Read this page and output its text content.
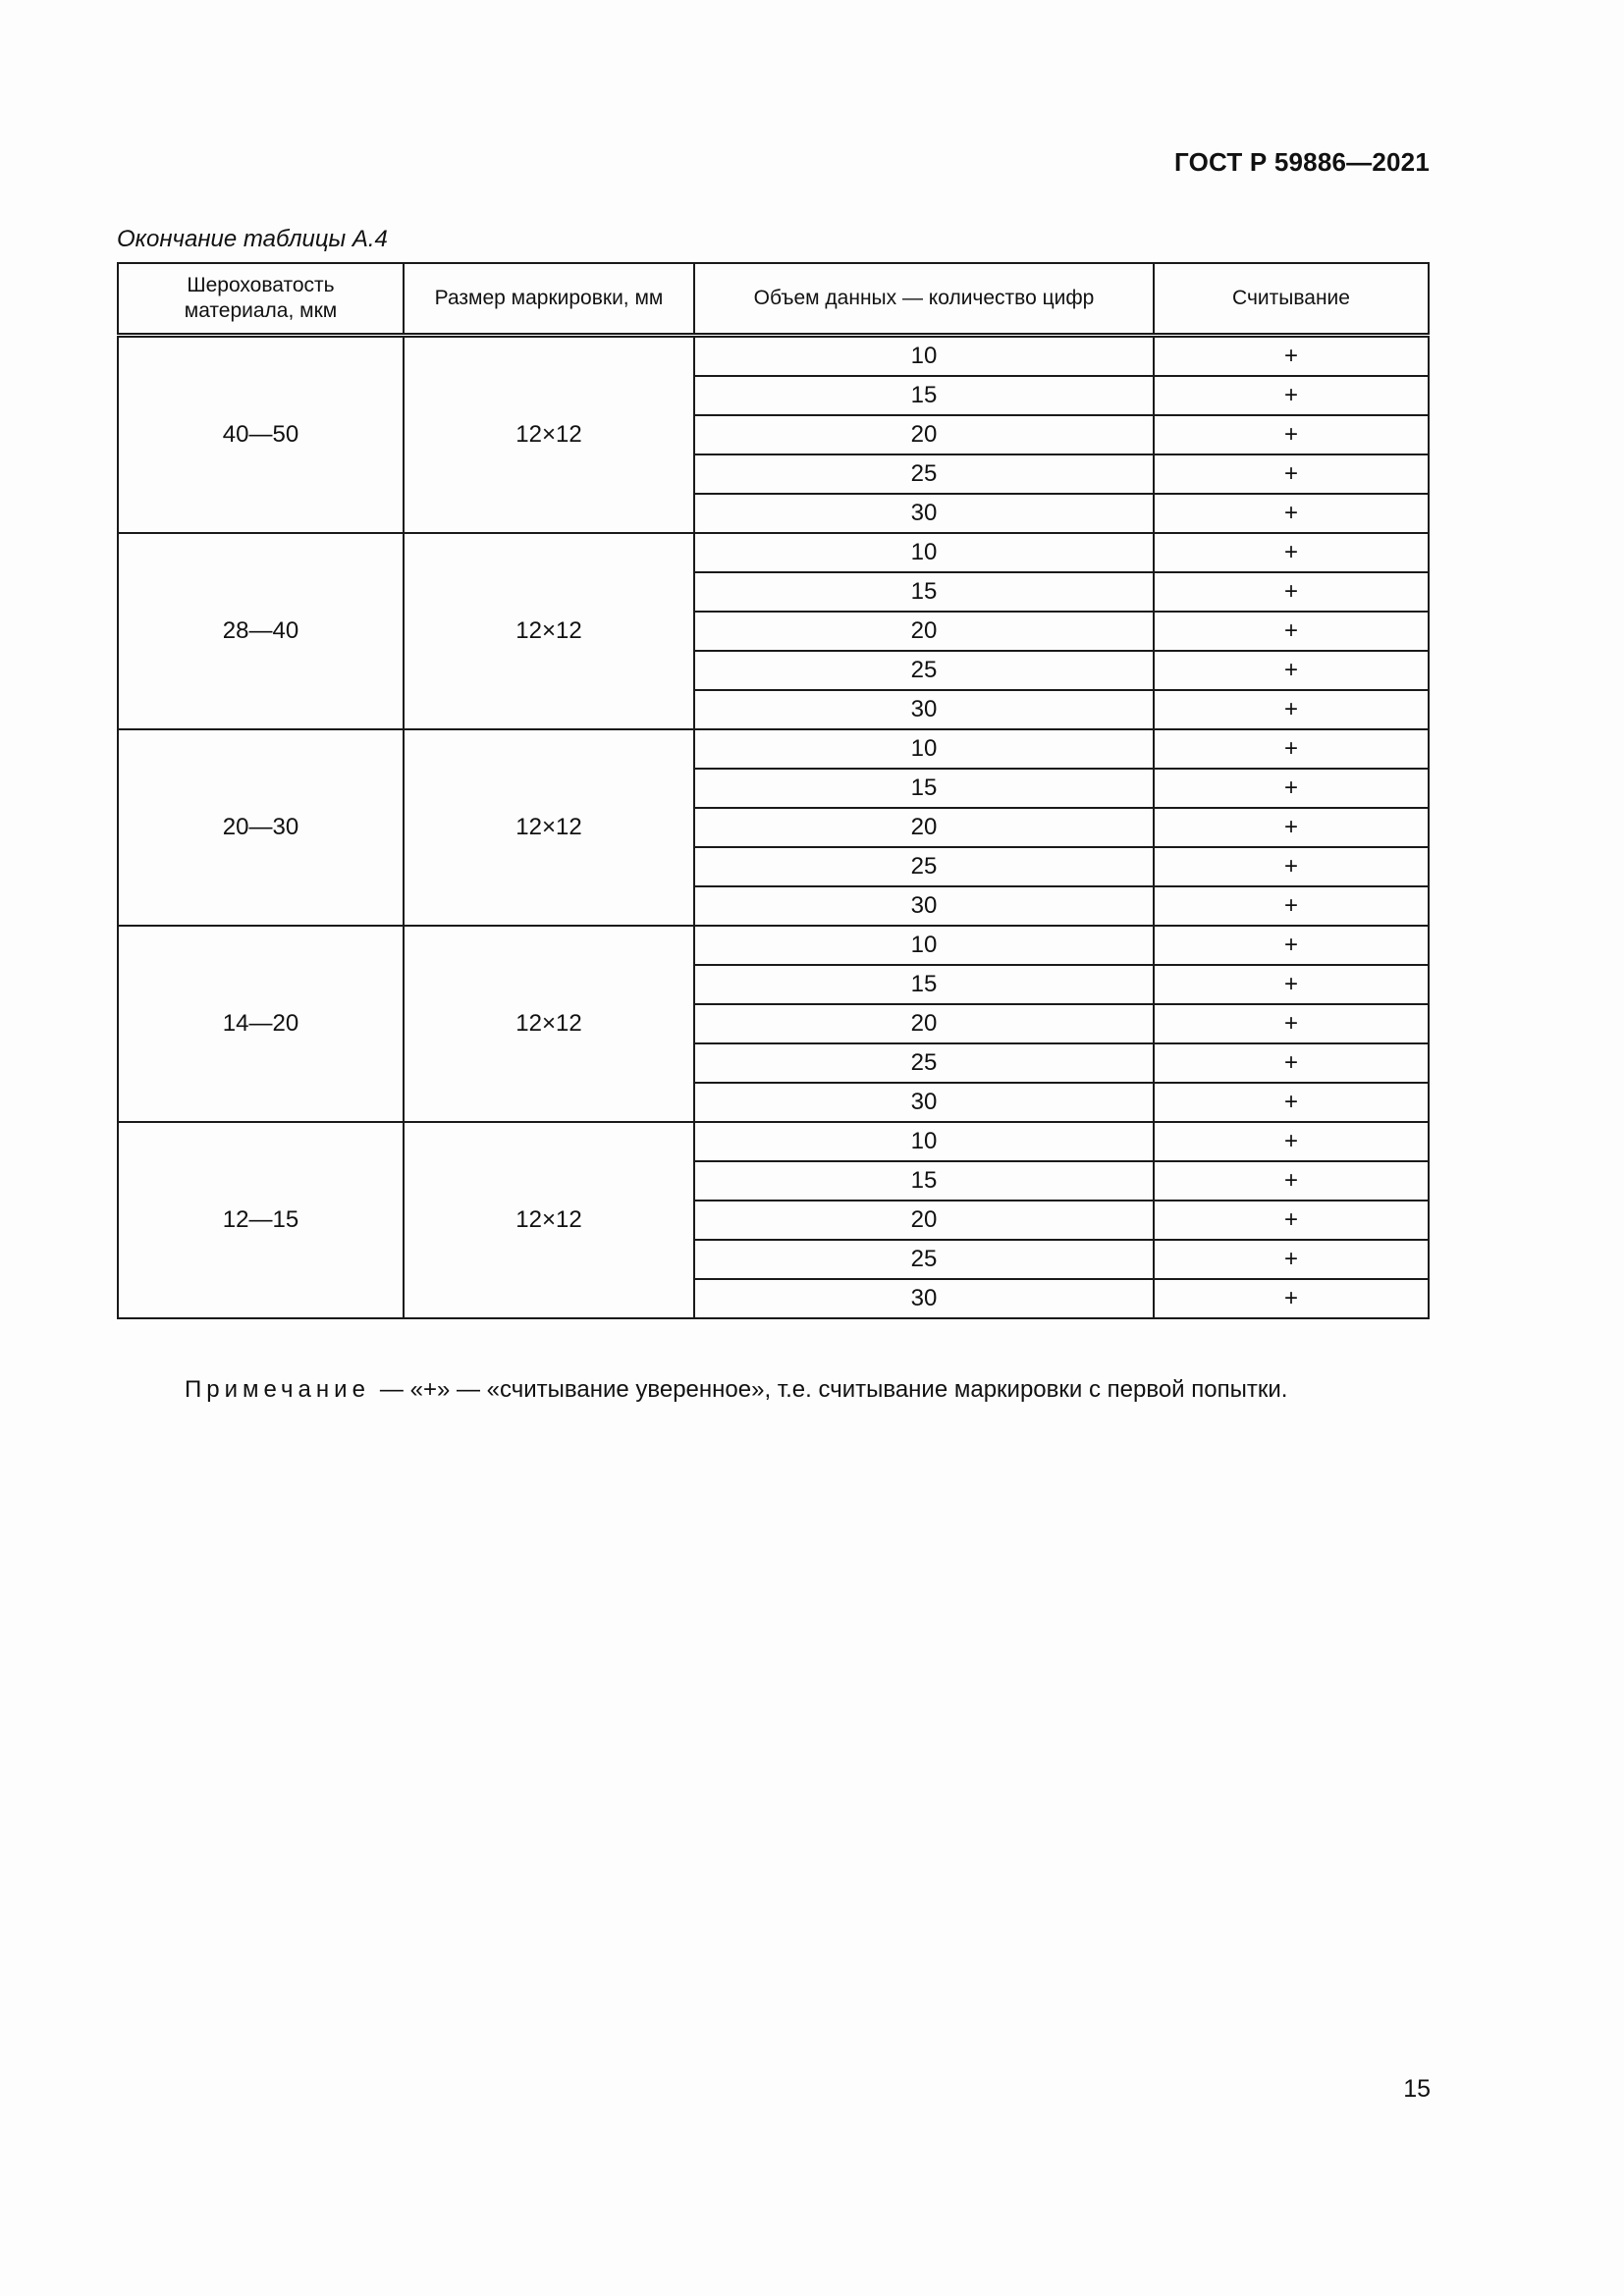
ГОСТ Р 59886—2021
Окончание таблицы А.4
Шероховатость
материала, мкм	Размер маркировки, мм	Объем данных — количество цифр	Считывание
40—50	12×12	10	+
		15	+
		20	+
		25	+
		30	+
28—40	12×12	10	+
		15	+
		20	+
		25	+
		30	+
20—30	12×12	10	+
		15	+
		20	+
		25	+
		30	+
14—20	12×12	10	+
		15	+
		20	+
		25	+
		30	+
12—15	12×12	10	+
		15	+
		20	+
		25	+
		30	+
Примечание — «+» — «считывание уверенное», т.е. считывание маркировки с первой попытки.
15
